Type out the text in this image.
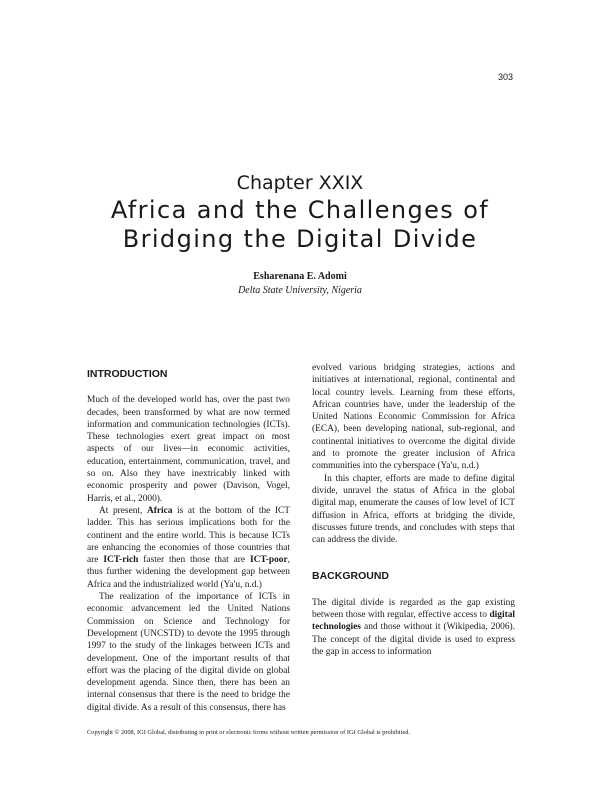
303
Chapter XXIX
Africa and the Challenges of
Bridging the Digital Divide
Esharenana E. Adomi
Delta State University, Nigeria
INTRODUCTION

Much of the developed world has, over the past two decades, been transformed by what are now termed information and communication technologies (ICTs). These technologies exert great impact on most aspects of our lives—in economic activities, education, entertainment, communication, travel, and so on. Also they have inextricably linked with economic prosperity and power (Davison, Vogel, Harris, et al., 2000).

At present, Africa is at the bottom of the ICT ladder. This has serious implications both for the continent and the entire world. This is because ICTs are enhancing the economies of those countries that are ICT-rich faster then those that are ICT-poor, thus further widening the development gap between Africa and the industrialized world (Ya'u, n.d.)

The realization of the importance of ICTs in economic advancement led the United Nations Commission on Science and Technology for Development (UNCSTD) to devote the 1995 through 1997 to the study of the linkages between ICTs and development. One of the important results of that effort was the placing of the digital divide on global development agenda. Since then, there has been an internal consensus that there is the need to bridge the digital divide. As a result of this consensus, there has

evolved various bridging strategies, actions and initiatives at international, regional, continental and local country levels. Learning from these efforts, African countries have, under the leadership of the United Nations Economic Commission for Africa (ECA), been developing national, sub-regional, and continental initiatives to overcome the digital divide and to promote the greater inclusion of Africa communities into the cyberspace (Ya'u, n.d.)

In this chapter, efforts are made to define digital divide, unravel the status of Africa in the global digital map, enumerate the causes of low level of ICT diffusion in Africa, efforts at bridging the divide, discusses future trends, and concludes with steps that can address the divide.

BACKGROUND

The digital divide is regarded as the gap existing between those with regular, effective access to digital technologies and those without it (Wikipedia, 2006). The concept of the digital divide is used to express the gap in access to information

Copyright © 2008, IGI Global, distributing in print or electronic forms without written permission of IGI Global is prohibited.
